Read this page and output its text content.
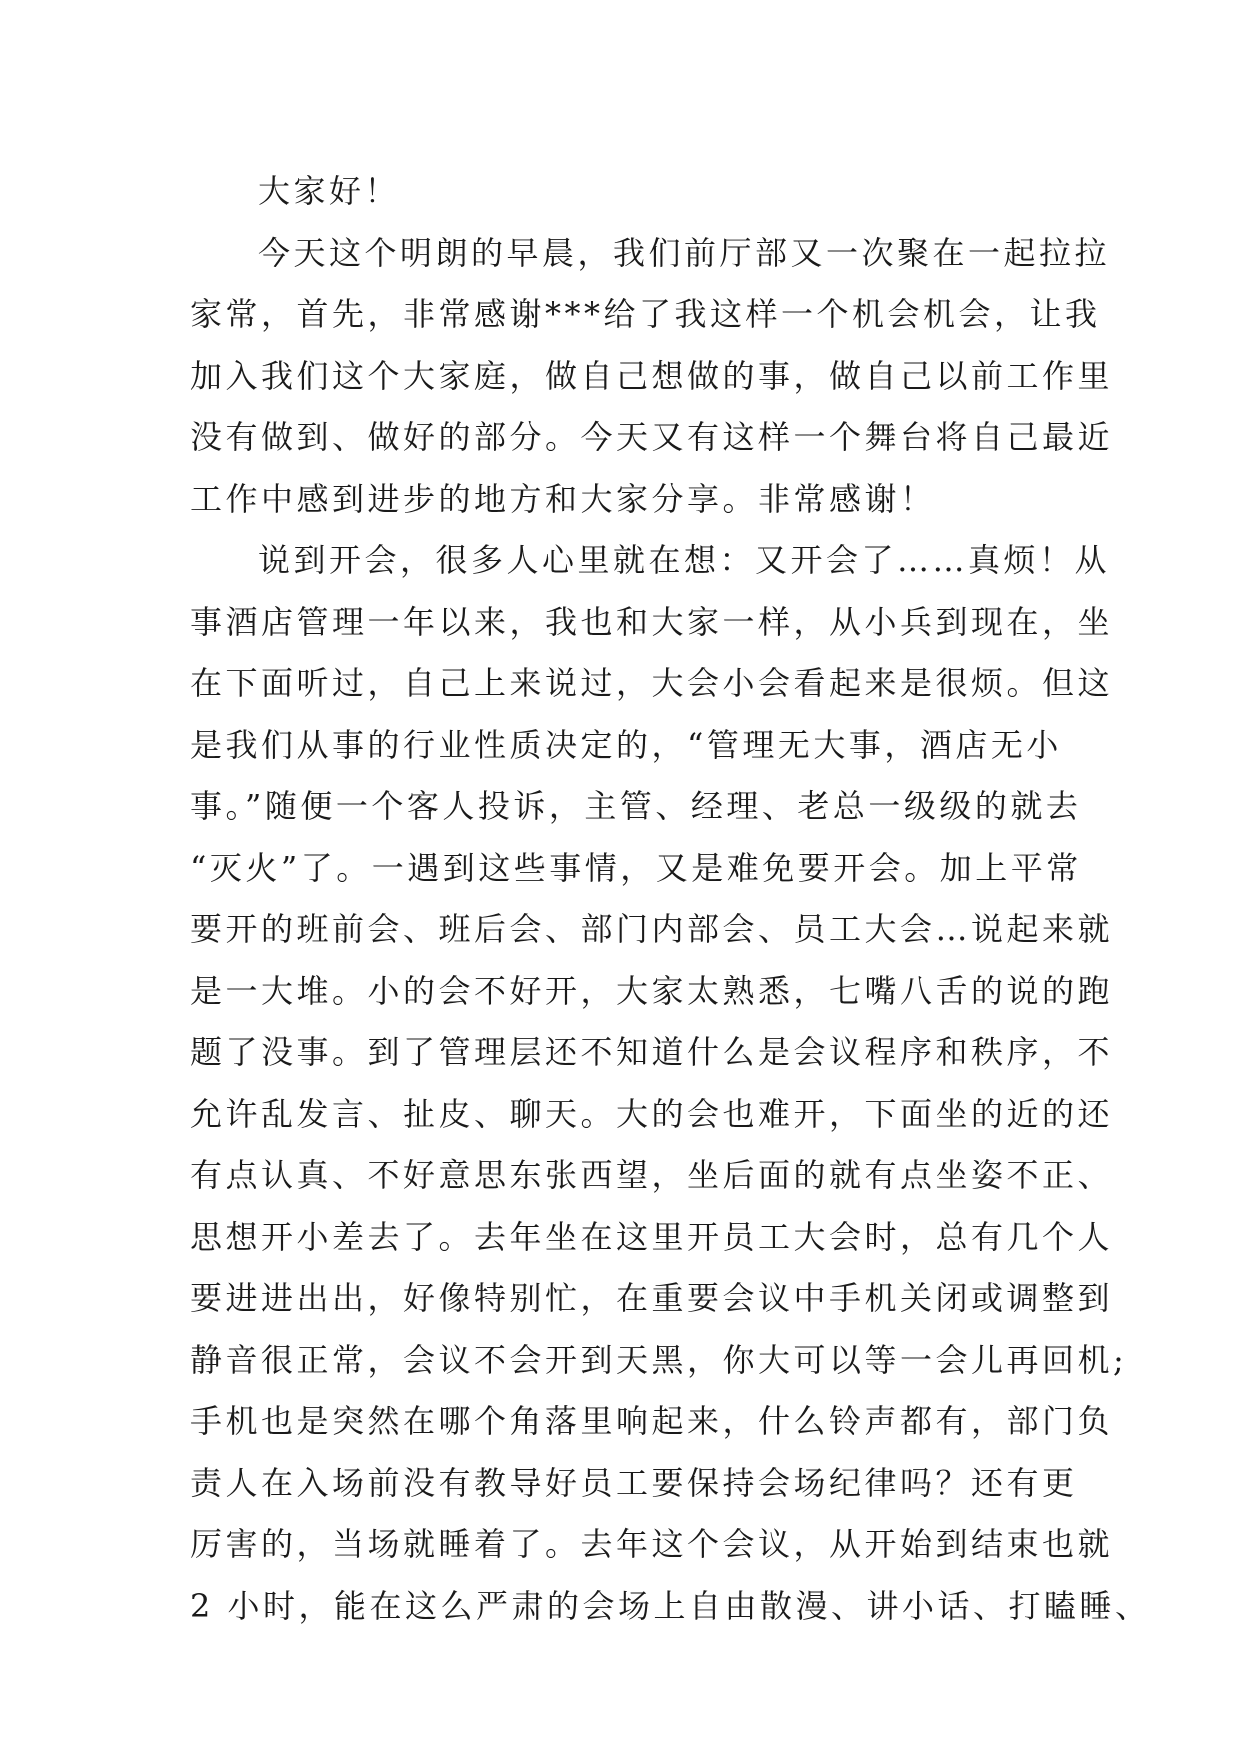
大家好！
今天这个明朗的早晨，我们前厅部又一次聚在一起拉拉
家常，首先，非常感谢***给了我这样一个机会机会，让我
加入我们这个大家庭，做自己想做的事，做自己以前工作里
没有做到、做好的部分。今天又有这样一个舞台将自己最近
工作中感到进步的地方和大家分享。非常感谢！
说到开会，很多人心里就在想：又开会了……真烦！从
事酒店管理一年以来，我也和大家一样，从小兵到现在，坐
在下面听过，自己上来说过，大会小会看起来是很烦。但这
是我们从事的行业性质决定的，“管理无大事，酒店无小
事。”随便一个客人投诉，主管、经理、老总一级级的就去
“灭火”了。一遇到这些事情，又是难免要开会。加上平常
要开的班前会、班后会、部门内部会、员工大会…说起来就
是一大堆。小的会不好开，大家太熟悉，七嘴八舌的说的跑
题了没事。到了管理层还不知道什么是会议程序和秩序，不
允许乱发言、扯皮、聊天。大的会也难开，下面坐的近的还
有点认真、不好意思东张西望，坐后面的就有点坐姿不正、
思想开小差去了。去年坐在这里开员工大会时，总有几个人
要进进出出，好像特别忙，在重要会议中手机关闭或调整到
静音很正常，会议不会开到天黑，你大可以等一会儿再回机;
手机也是突然在哪个角落里响起来，什么铃声都有，部门负
责人在入场前没有教导好员工要保持会场纪律吗？还有更
厉害的，当场就睡着了。去年这个会议，从开始到结束也就
2 小时，能在这么严肃的会场上自由散漫、讲小话、打瞌睡、
